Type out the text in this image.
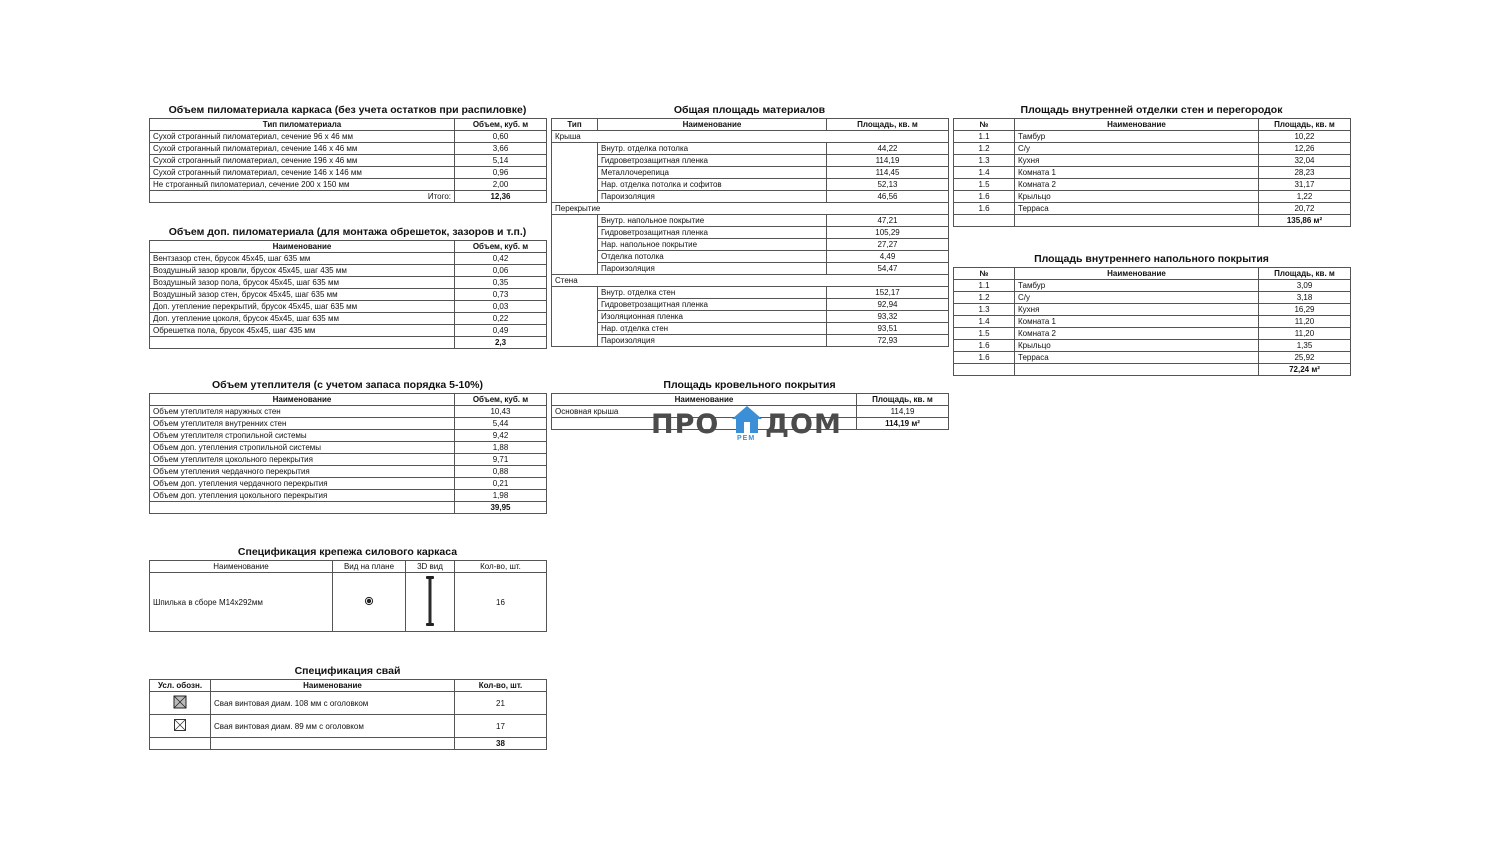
Объем пиломатериала каркаса (без учета остатков при распиловке)
Тип пиломатериала	Объем, куб. м
Сухой строганный пиломатериал, сечение 96 х 46 мм	0,60
Сухой строганный пиломатериал, сечение 146 х 46 мм	3,66
Сухой строганный пиломатериал, сечение 196 х 46 мм	5,14
Сухой строганный пиломатериал, сечение 146 х 146 мм	0,96
Не строганный пиломатериал, сечение 200 х 150 мм	2,00
Итого:	12,36
Объем доп. пиломатериала (для монтажа обрешеток, зазоров и т.п.)
Наименование	Объем, куб. м
Вентзазор стен, брусок 45х45, шаг 635 мм	0,42
Воздушный зазор кровли, брусок 45х45, шаг 435 мм	0,06
Воздушный зазор пола, брусок 45х45, шаг 635 мм	0,35
Воздушный зазор стен, брусок 45х45, шаг 635 мм	0,73
Доп. утепление перекрытий, брусок 45х45, шаг 635 мм	0,03
Доп. утепление цоколя, брусок 45х45, шаг 635 мм	0,22
Обрешетка пола, брусок 45х45, шаг 435 мм	0,49
	2,3
Объем утеплителя (с учетом запаса порядка 5-10%)
Наименование	Объем, куб. м
Объем утеплителя наружных стен	10,43
Объем утеплителя внутренних стен	5,44
Объем утеплителя стропильной системы	9,42
Объем доп. утепления стропильной системы	1,88
Объем утеплителя цокольного перекрытия	9,71
Объем утепления чердачного перекрытия	0,88
Объем доп. утепления чердачного перекрытия	0,21
Объем доп. утепления цокольного перекрытия	1,98
	39,95
Спецификация крепежа силового каркаса
Наименование	Вид на плане	3D вид	Кол-во, шт.
Шпилька в сборе М14х292мм			16
Спецификация свай
Усл. обозн.	Наименование	Кол-во, шт.
	Свая винтовая диам. 108 мм с оголовком	21
	Свая винтовая диам. 89 мм с оголовком	17
		38
Общая площадь материалов
Тип	Наименование	Площадь, кв. м
Крыша		
	Внутр. отделка потолка	44,22
	Гидроветрозащитная пленка	114,19
	Металлочерепица	114,45
	Нар. отделка потолка и софитов	52,13
	Пароизоляция	46,56
Перекрытие		
	Внутр. напольное покрытие	47,21
	Гидроветрозащитная пленка	105,29
	Нар. напольное покрытие	27,27
	Отделка потолка	4,49
	Пароизоляция	54,47
Стена		
	Внутр. отделка стен	152,17
	Гидроветрозащитная пленка	92,94
	Изоляционная пленка	93,32
	Нар. отделка стен	93,51
	Пароизоляция	72,93
Площадь кровельного покрытия
Наименование	Площадь, кв. м
Основная крыша	114,19
	114,19 м²
Площадь внутренней отделки стен и перегородок
№	Наименование	Площадь, кв. м
1.1	Тамбур	10,22
1.2	С/у	12,26
1.3	Кухня	32,04
1.4	Комната 1	28,23
1.5	Комната 2	31,17
1.6	Крыльцо	1,22
1.6	Терраса	20,72
		135,86 м²
Площадь внутреннего напольного покрытия
№	Наименование	Площадь, кв. м
1.1	Тамбур	3,09
1.2	С/у	3,18
1.3	Кухня	16,29
1.4	Комната 1	11,20
1.5	Комната 2	11,20
1.6	Крыльцо	1,35
1.6	Терраса	25,92
		72,24 м²
ПРО	РЕМ ДОМ
